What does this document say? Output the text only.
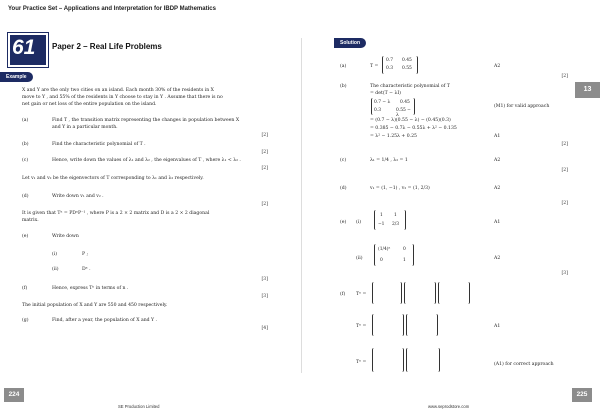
Your Practice Set – Applications and Interpretation for IBDP Mathematics
61 Paper 2 – Real Life Problems
Example
Solution
13
X and Y are the only two cities on an island. Each month 30% of the residents in X
move to Y , and 55% of the residents in Y choose to stay in Y . Assume that there is no
net gain or net loss of the entire population on the island.
(a)	Find T , the transition matrix representing the changes in population between X
and Y in a particular month.
[2]
(b)	Find the characteristic polynomial of T .
[2]
(c)	Hence, write down the values of λ₁ and λ₂ , the eigenvalues of T , where λ₁ < λ₂ .
[2]
Let v₁ and v₂ be the eigenvectors of T corresponding to λ₁ and λ₂ respectively.
(d)	Write down v₁ and v₂ .
[2]
It is given that Tⁿ = PDⁿP⁻¹ , where P is a 2 × 2 matrix and D is a 2 × 2 diagonal
matrix.
(e)	Write down
(i)	P ;
(ii)	Dⁿ .
[3]
(f)	Hence, express Tⁿ in terms of n .
[3]
The initial population of X and Y are 550 and 450 respectively.
(g)	Find, after a year, the population of X and Y .
[4]
(a)	T =
0.7 0.45
0.3 0.55	A2
[2]
(b)	The characteristic polynomial of T
= det(T − λI)
0.7 − λ 0.45
0.3	0.55 − λ
(M1) for valid approach
= (0.7 − λ)(0.55 − λ) − (0.45)(0.3)
= 0.385 − 0.7λ − 0.55λ + λ² − 0.135
= λ² − 1.25λ + 0.25	A1
[2]
(c)	λ₁ = 1/4 , λ₂ = 1	A2
[2]
(d)	v₁ = (1, −1) , v₂ = (1, 2/3)	A2
[2]
(e) (i)
1	1
−1 2/3	A1
(ii)
(1/4)ⁿ	0
0	1	A2
[3]
(f) Tⁿ =
Tⁿ =	A1
Tⁿ =	(A1) for correct approach
224	225
SE Production Limited	www.seprodstore.com
